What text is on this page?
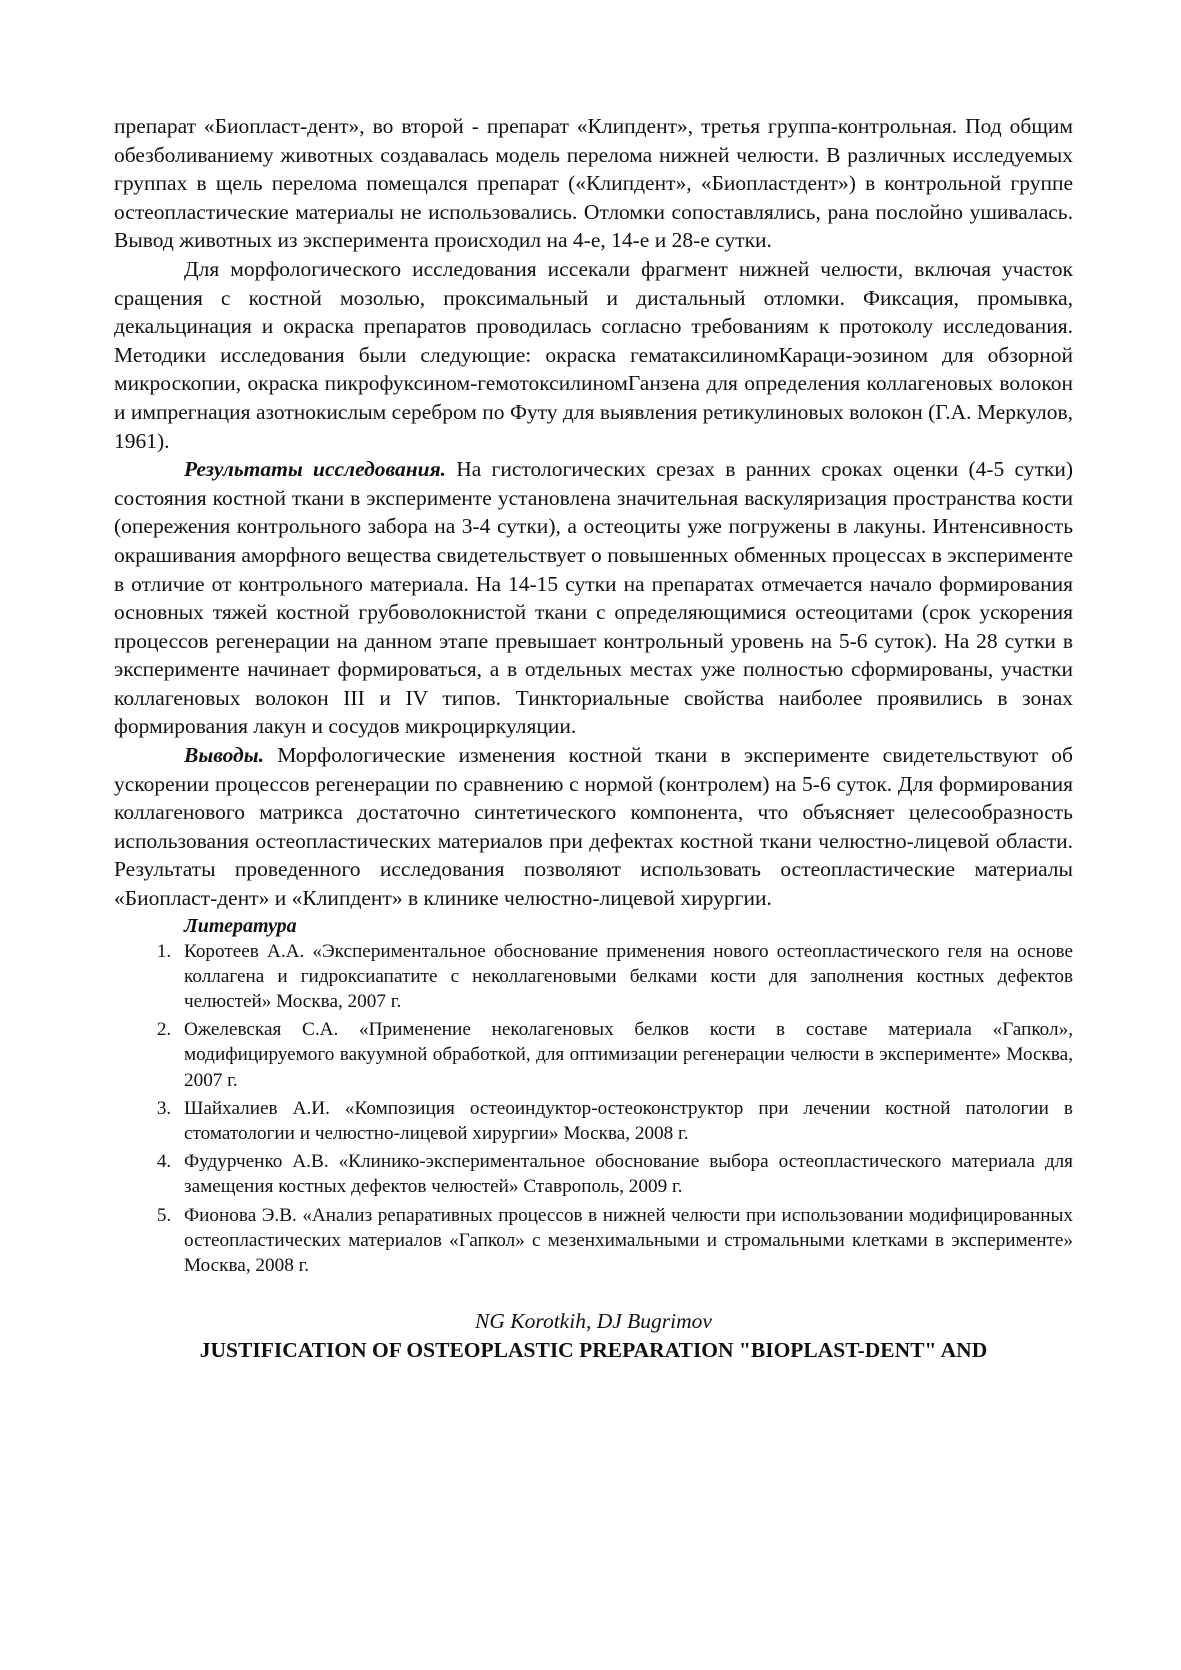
препарат «Биопласт-дент», во второй - препарат «Клипдент», третья группа-контрольная. Под общим обезболиваниему животных создавалась модель перелома нижней челюсти. В различных исследуемых группах в щель перелома помещался препарат («Клипдент», «Биопластдент») в контрольной группе остеопластические материалы не использовались. Отломки сопоставлялись, рана послойно ушивалась. Вывод животных из эксперимента происходил на 4-е, 14-е и 28-е сутки.

Для морфологического исследования иссекали фрагмент нижней челюсти, включая участок сращения с костной мозолью, проксимальный и дистальный отломки. Фиксация, промывка, декальцинация и окраска препаратов проводилась согласно требованиям к протоколу исследования. Методики исследования были следующие: окраска гематаксилиномКараци-эозином для обзорной микроскопии, окраска пикрофуксином-гемотоксилиномГанзена для определения коллагеновых волокон и импрегнация азотнокислым серебром по Футу для выявления ретикулиновых волокон (Г.А. Меркулов, 1961).

Результаты исследования. На гистологических срезах в ранних сроках оценки (4-5 сутки) состояния костной ткани в эксперименте установлена значительная васкуляризация пространства кости (опережения контрольного забора на 3-4 сутки), а остеоциты уже погружены в лакуны. Интенсивность окрашивания аморфного вещества свидетельствует о повышенных обменных процессах в эксперименте в отличие от контрольного материала. На 14-15 сутки на препаратах отмечается начало формирования основных тяжей костной грубоволокнистой ткани с определяющимися остеоцитами (срок ускорения процессов регенерации на данном этапе превышает контрольный уровень на 5-6 суток). На 28 сутки в эксперименте начинает формироваться, а в отдельных местах уже полностью сформированы, участки коллагеновых волокон III и IV типов. Тинкториальные свойства наиболее проявились в зонах формирования лакун и сосудов микроциркуляции.

Выводы. Морфологические изменения костной ткани в эксперименте свидетельствуют об ускорении процессов регенерации по сравнению с нормой (контролем) на 5-6 суток. Для формирования коллагенового матрикса достаточно синтетического компонента, что объясняет целесообразность использования остеопластических материалов при дефектах костной ткани челюстно-лицевой области. Результаты проведенного исследования позволяют использовать остеопластические материалы «Биопласт-дент» и «Клипдент» в клинике челюстно-лицевой хирургии.

Литература

1. Коротеев А.А. «Экспериментальное обоснование применения нового остеопластического геля на основе коллагена и гидроксиапатите с неколлагеновыми белками кости для заполнения костных дефектов челюстей» Москва, 2007 г.
2. Ожелевская С.А. «Применение неколагеновых белков кости в составе материала «Гапкол», модифицируемого вакуумной обработкой, для оптимизации регенерации челюсти в эксперименте» Москва, 2007 г.
3. Шайхалиев А.И. «Композиция остеоиндуктор-остеоконструктор при лечении костной патологии в стоматологии и челюстно-лицевой хирургии» Москва, 2008 г.
4. Фудурченко А.В. «Клинико-экспериментальное обоснование выбора остеопластического материала для замещения костных дефектов челюстей» Ставрополь, 2009 г.
5. Фионова Э.В. «Анализ репаративных процессов в нижней челюсти при использовании модифицированных остеопластических материалов «Гапкол» с мезенхимальными и стромальными клетками в эксперименте» Москва, 2008 г.

NG Korotkih, DJ Bugrimov

JUSTIFICATION OF OSTEOPLASTIC PREPARATION "BIOPLAST-DENT" AND
